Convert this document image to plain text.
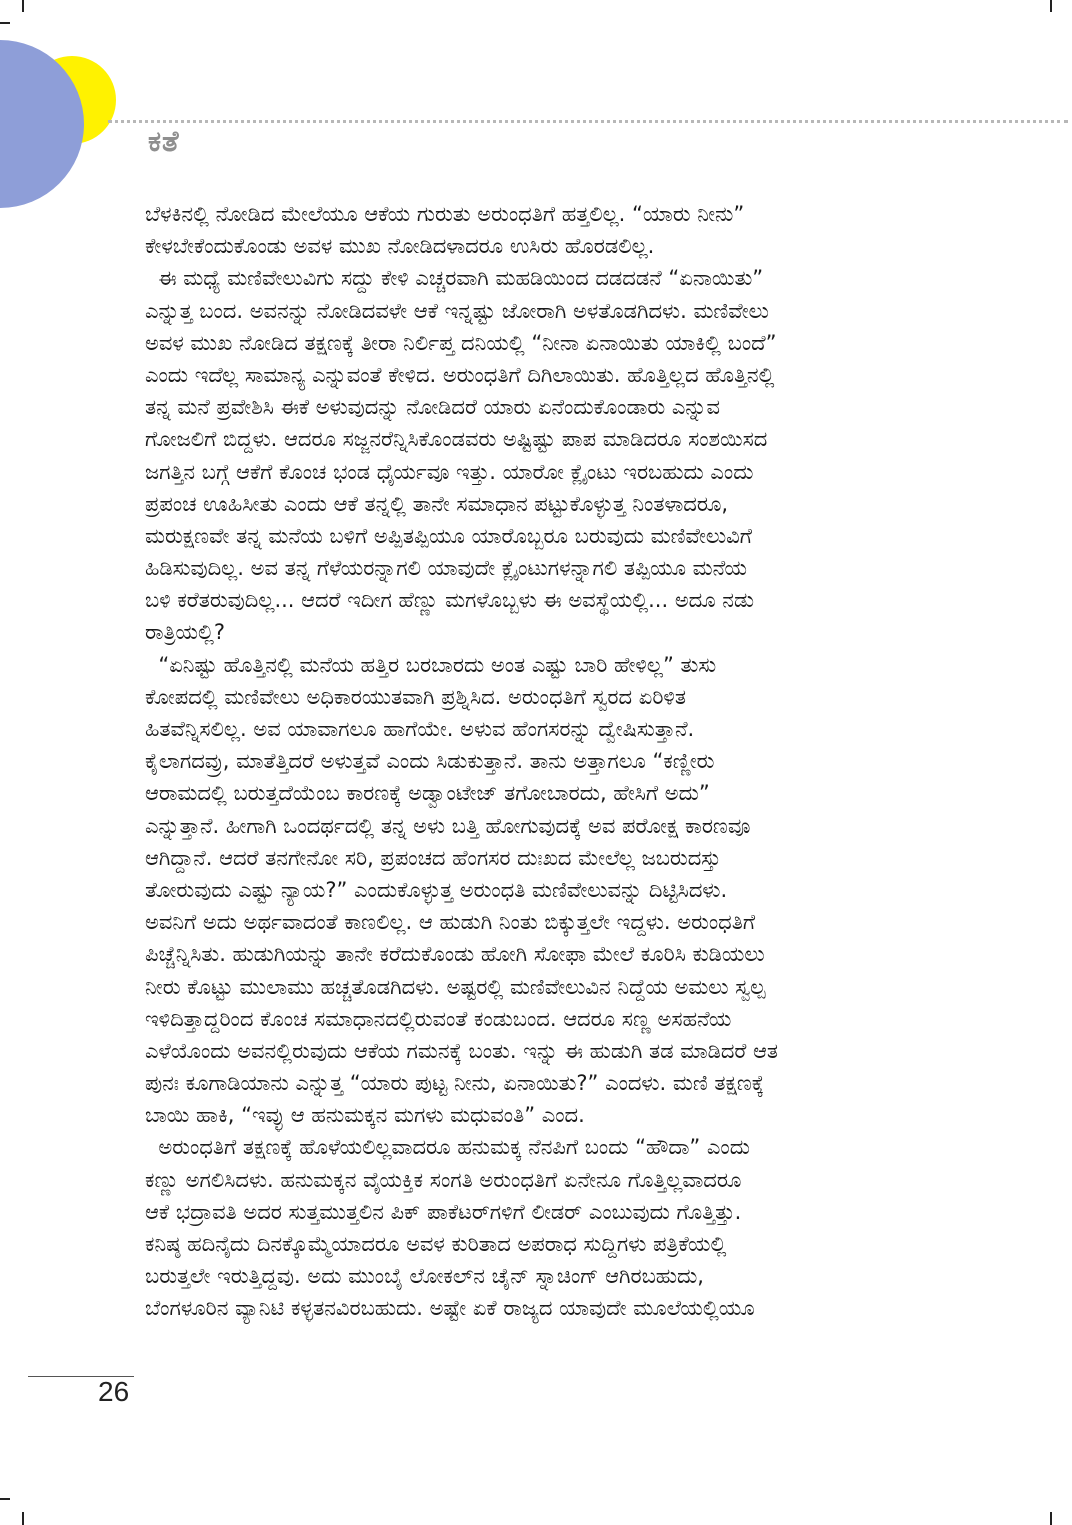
ಕತೆ
ಬೆಳಕಿನಲ್ಲಿ ನೋಡಿದ ಮೇಲೆಯೂ ಆಕೆಯ ಗುರುತು ಅರುಂಧತಿಗೆ ಹತ್ತಲಿಲ್ಲ. “ಯಾರು ನೀನು”
ಕೇಳಬೇಕೆಂದುಕೊಂಡು ಅವಳ ಮುಖ ನೋಡಿದಳಾದರೂ ಉಸಿರು ಹೊರಡಲಿಲ್ಲ.
ಈ ಮಧ್ಯೆ ಮಣಿವೇಲುವಿಗು ಸದ್ದು ಕೇಳಿ ಎಚ್ಚರವಾಗಿ ಮಹಡಿಯಿಂದ ದಡದಡನೆ “ಏನಾಯಿತು”
ಎನ್ನುತ್ತ ಬಂದ. ಅವನನ್ನು ನೋಡಿದವಳೇ ಆಕೆ ಇನ್ನಷ್ಟು ಜೋರಾಗಿ ಅಳತೊಡಗಿದಳು. ಮಣಿವೇಲು
ಅವಳ ಮುಖ ನೋಡಿದ ತಕ್ಷಣಕ್ಕೆ ತೀರಾ ನಿರ್ಲಿಪ್ತ ದನಿಯಲ್ಲಿ “ನೀನಾ ಏನಾಯಿತು ಯಾಕಿಲ್ಲಿ ಬಂದೆ”
ಎಂದು ಇದೆಲ್ಲ ಸಾಮಾನ್ಯ ಎನ್ನುವಂತೆ ಕೇಳಿದ. ಅರುಂಧತಿಗೆ ದಿಗಿಲಾಯಿತು. ಹೊತ್ತಿಲ್ಲದ ಹೊತ್ತಿನಲ್ಲಿ
ತನ್ನ ಮನೆ ಪ್ರವೇಶಿಸಿ ಈಕೆ ಅಳುವುದನ್ನು ನೋಡಿದರೆ ಯಾರು ಏನೆಂದುಕೊಂಡಾರು ಎನ್ನುವ
ಗೋಜಲಿಗೆ ಬಿದ್ದಳು. ಆದರೂ ಸಜ್ಜನರೆನ್ನಿಸಿಕೊಂಡವರು ಅಷ್ಟಿಷ್ಟು ಪಾಪ ಮಾಡಿದರೂ ಸಂಶಯಿಸದ
ಜಗತ್ತಿನ ಬಗ್ಗೆ ಆಕೆಗೆ ಕೊಂಚ ಭಂಡ ಧೈರ್ಯವೂ ಇತ್ತು. ಯಾರೋ ಕ್ಲೈಂಟು ಇರಬಹುದು ಎಂದು
ಪ್ರಪಂಚ ಊಹಿಸೀತು ಎಂದು ಆಕೆ ತನ್ನಲ್ಲಿ ತಾನೇ ಸಮಾಧಾನ ಪಟ್ಟುಕೊಳ್ಳುತ್ತ ನಿಂತಳಾದರೂ,
ಮರುಕ್ಷಣವೇ ತನ್ನ ಮನೆಯ ಬಳಿಗೆ ಅಪ್ಪಿತಪ್ಪಿಯೂ ಯಾರೊಬ್ಬರೂ ಬರುವುದು ಮಣಿವೇಲುವಿಗೆ
ಹಿಡಿಸುವುದಿಲ್ಲ. ಅವ ತನ್ನ ಗೆಳೆಯರನ್ನಾಗಲಿ ಯಾವುದೇ ಕ್ಲೈಂಟುಗಳನ್ನಾಗಲಿ ತಪ್ಪಿಯೂ ಮನೆಯ
ಬಳಿ ಕರೆತರುವುದಿಲ್ಲ... ಆದರೆ ಇದೀಗ ಹೆಣ್ಣು ಮಗಳೊಬ್ಬಳು ಈ ಅವಸ್ಥೆಯಲ್ಲಿ... ಅದೂ ನಡು
ರಾತ್ರಿಯಲ್ಲಿ?
“ಏನಿಷ್ಟು ಹೊತ್ತಿನಲ್ಲಿ ಮನೆಯ ಹತ್ತಿರ ಬರಬಾರದು ಅಂತ ಎಷ್ಟು ಬಾರಿ ಹೇಳಿಲ್ಲ” ತುಸು
ಕೋಪದಲ್ಲಿ ಮಣಿವೇಲು ಅಧಿಕಾರಯುತವಾಗಿ ಪ್ರಶ್ನಿಸಿದ. ಅರುಂಧತಿಗೆ ಸ್ವರದ ಏರಿಳಿತ
ಹಿತವೆನ್ನಿಸಲಿಲ್ಲ. ಅವ ಯಾವಾಗಲೂ ಹಾಗೆಯೇ. ಅಳುವ ಹೆಂಗಸರನ್ನು ದ್ವೇಷಿಸುತ್ತಾನೆ.
ಕೈಲಾಗದವ್ರು, ಮಾತೆತ್ತಿದರೆ ಅಳುತ್ತವೆ ಎಂದು ಸಿಡುಕುತ್ತಾನೆ. ತಾನು ಅತ್ತಾಗಲೂ “ಕಣ್ಣೀರು
ಆರಾಮದಲ್ಲಿ ಬರುತ್ತದೆಯೆಂಬ ಕಾರಣಕ್ಕೆ ಅಡ್ವಾಂಟೇಜ್ ತಗೋಬಾರದು, ಹೇಸಿಗೆ ಅದು”
ಎನ್ನುತ್ತಾನೆ. ಹೀಗಾಗಿ ಒಂದರ್ಥದಲ್ಲಿ ತನ್ನ ಅಳು ಬತ್ತಿ ಹೋಗುವುದಕ್ಕೆ ಅವ ಪರೋಕ್ಷ ಕಾರಣವೂ
ಆಗಿದ್ದಾನೆ. ಆದರೆ ತನಗೇನೋ ಸರಿ, ಪ್ರಪಂಚದ ಹೆಂಗಸರ ದುಃಖದ ಮೇಲೆಲ್ಲ ಜಬರುದಸ್ತು
ತೋರುವುದು ಎಷ್ಟು ನ್ಯಾಯ?” ಎಂದುಕೊಳ್ಳುತ್ತ ಅರುಂಧತಿ ಮಣಿವೇಲುವನ್ನು ದಿಟ್ಟಿಸಿದಳು.
ಅವನಿಗೆ ಅದು ಅರ್ಥವಾದಂತೆ ಕಾಣಲಿಲ್ಲ. ಆ ಹುಡುಗಿ ನಿಂತು ಬಿಕ್ಕುತ್ತಲೇ ಇದ್ದಳು. ಅರುಂಧತಿಗೆ
ಪಿಚ್ಚೆನ್ನಿಸಿತು. ಹುಡುಗಿಯನ್ನು ತಾನೇ ಕರೆದುಕೊಂಡು ಹೋಗಿ ಸೋಫಾ ಮೇಲೆ ಕೂರಿಸಿ ಕುಡಿಯಲು
ನೀರು ಕೊಟ್ಟು ಮುಲಾಮು ಹಚ್ಚತೊಡಗಿದಳು. ಅಷ್ಟರಲ್ಲಿ ಮಣಿವೇಲುವಿನ ನಿದ್ದೆಯ ಅಮಲು ಸ್ವಲ್ಪ
ಇಳಿದಿತ್ತಾದ್ದರಿಂದ ಕೊಂಚ ಸಮಾಧಾನದಲ್ಲಿರುವಂತೆ ಕಂಡುಬಂದ. ಆದರೂ ಸಣ್ಣ ಅಸಹನೆಯ
ಎಳೆಯೊಂದು ಅವನಲ್ಲಿರುವುದು ಆಕೆಯ ಗಮನಕ್ಕೆ ಬಂತು. ಇನ್ನು ಈ ಹುಡುಗಿ ತಡ ಮಾಡಿದರೆ ಆತ
ಪುನಃ ಕೂಗಾಡಿಯಾನು ಎನ್ನುತ್ತ “ಯಾರು ಪುಟ್ಟ ನೀನು, ಏನಾಯಿತು?” ಎಂದಳು. ಮಣಿ ತಕ್ಷಣಕ್ಕೆ
ಬಾಯಿ ಹಾಕಿ, “ಇವ್ಳು ಆ ಹನುಮಕ್ಕನ ಮಗಳು ಮಧುವಂತಿ” ಎಂದ.
ಅರುಂಧತಿಗೆ ತಕ್ಷಣಕ್ಕೆ ಹೊಳೆಯಲಿಲ್ಲವಾದರೂ ಹನುಮಕ್ಕ ನೆನಪಿಗೆ ಬಂದು “ಹೌದಾ” ಎಂದು
ಕಣ್ಣು ಅಗಲಿಸಿದಳು. ಹನುಮಕ್ಕನ ವೈಯಕ್ತಿಕ ಸಂಗತಿ ಅರುಂಧತಿಗೆ ಏನೇನೂ ಗೊತ್ತಿಲ್ಲವಾದರೂ
ಆಕೆ ಭದ್ರಾವತಿ ಅದರ ಸುತ್ತಮುತ್ತಲಿನ ಪಿಕ್ ಪಾಕೆಟರ್‌ಗಳಿಗೆ ಲೀಡರ್ ಎಂಬುವುದು ಗೊತ್ತಿತ್ತು.
ಕನಿಷ್ಠ ಹದಿನೈದು ದಿನಕ್ಕೊಮ್ಮೆಯಾದರೂ ಅವಳ ಕುರಿತಾದ ಅಪರಾಧ ಸುದ್ದಿಗಳು ಪತ್ರಿಕೆಯಲ್ಲಿ
ಬರುತ್ತಲೇ ಇರುತ್ತಿದ್ದವು. ಅದು ಮುಂಬೈ ಲೋಕಲ್‌ನ ಚೈನ್ ಸ್ನಾಚಿಂಗ್ ಆಗಿರಬಹುದು,
ಬೆಂಗಳೂರಿನ ವ್ಯಾನಿಟಿ ಕಳ್ಳತನವಿರಬಹುದು. ಅಷ್ಟೇ ಏಕೆ ರಾಜ್ಯದ ಯಾವುದೇ ಮೂಲೆಯಲ್ಲಿಯೂ
26
